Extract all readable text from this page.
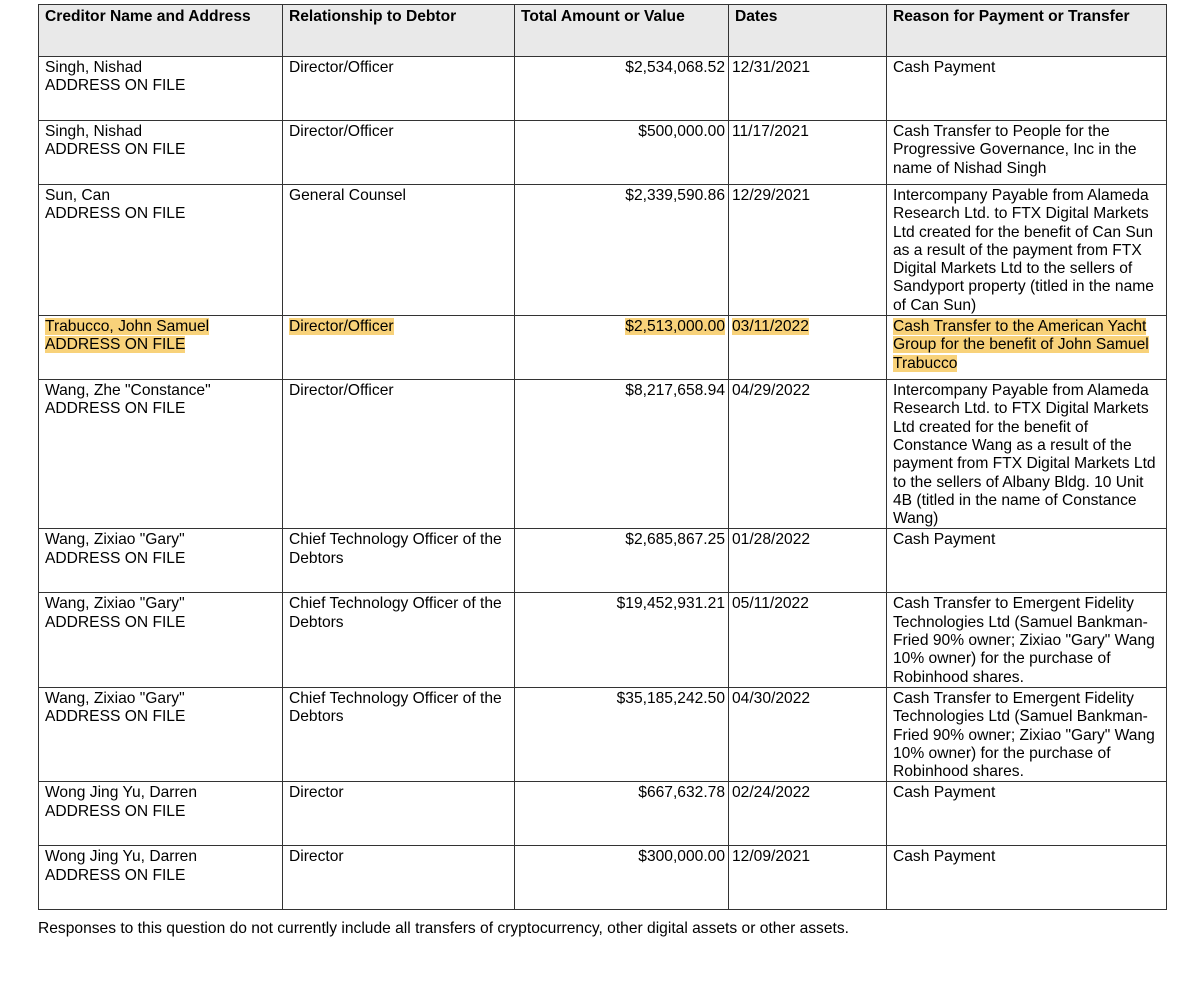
Creditor Name and Address	Relationship to Debtor	Total Amount or Value	Dates	Reason for Payment or Transfer

Singh, Nishad
ADDRESS ON FILE	Director/Officer	$2,534,068.52	12/31/2021	Cash Payment

Singh, Nishad
ADDRESS ON FILE	Director/Officer	$500,000.00	11/17/2021	Cash Transfer to People for the Progressive Governance, Inc in the name of Nishad Singh

Sun, Can
ADDRESS ON FILE	General Counsel	$2,339,590.86	12/29/2021	Intercompany Payable from Alameda Research Ltd. to FTX Digital Markets Ltd created for the benefit of Can Sun as a result of the payment from FTX Digital Markets Ltd to the sellers of Sandyport property (titled in the name of Can Sun)

Trabucco, John Samuel
ADDRESS ON FILE	Director/Officer	$2,513,000.00	03/11/2022	Cash Transfer to the American Yacht Group for the benefit of John Samuel Trabucco

Wang, Zhe "Constance"
ADDRESS ON FILE	Director/Officer	$8,217,658.94	04/29/2022	Intercompany Payable from Alameda Research Ltd. to FTX Digital Markets Ltd created for the benefit of Constance Wang as a result of the payment from FTX Digital Markets Ltd to the sellers of Albany Bldg. 10 Unit 4B (titled in the name of Constance Wang)

Wang, Zixiao "Gary"
ADDRESS ON FILE	Chief Technology Officer of the Debtors	$2,685,867.25	01/28/2022	Cash Payment

Wang, Zixiao "Gary"
ADDRESS ON FILE	Chief Technology Officer of the Debtors	$19,452,931.21	05/11/2022	Cash Transfer to Emergent Fidelity Technologies Ltd (Samuel Bankman-Fried 90% owner; Zixiao "Gary" Wang 10% owner) for the purchase of Robinhood shares.

Wang, Zixiao "Gary"
ADDRESS ON FILE	Chief Technology Officer of the Debtors	$35,185,242.50	04/30/2022	Cash Transfer to Emergent Fidelity Technologies Ltd (Samuel Bankman-Fried 90% owner; Zixiao "Gary" Wang 10% owner) for the purchase of Robinhood shares.

Wong Jing Yu, Darren
ADDRESS ON FILE	Director	$667,632.78	02/24/2022	Cash Payment

Wong Jing Yu, Darren
ADDRESS ON FILE	Director	$300,000.00	12/09/2021	Cash Payment

Responses to this question do not currently include all transfers of cryptocurrency, other digital assets or other assets.
